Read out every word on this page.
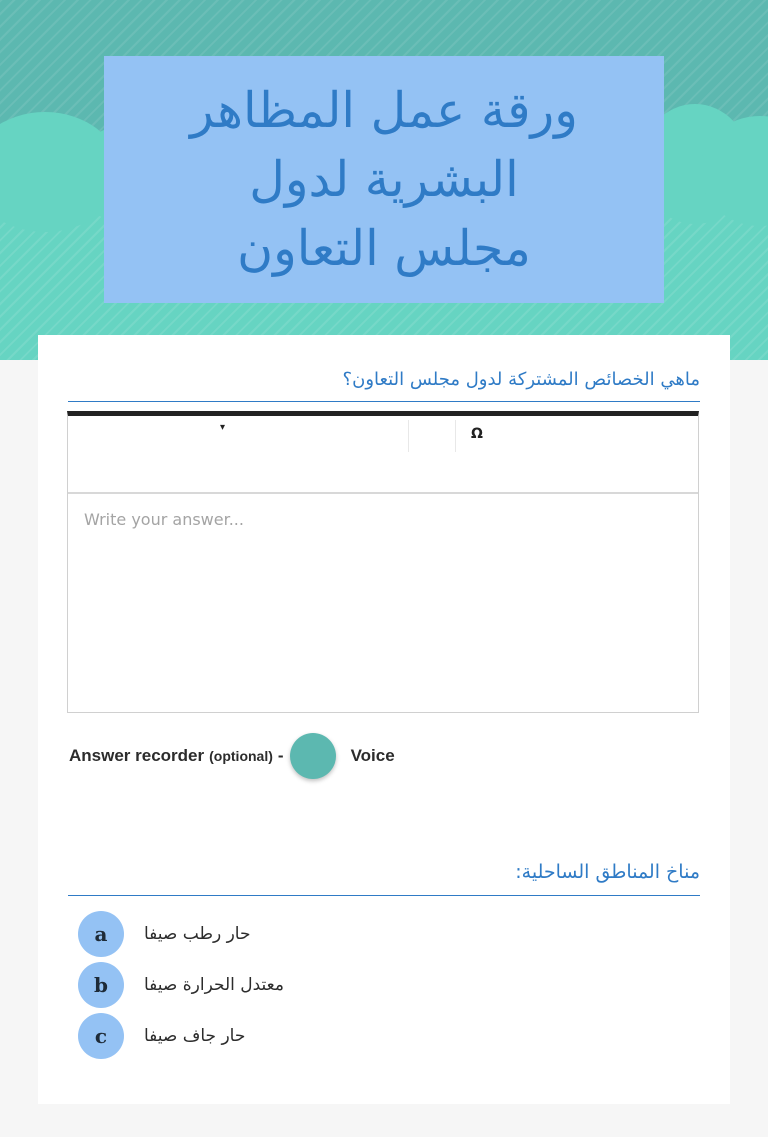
ورقة عمل المظاهر البشرية لدول مجلس التعاون
ماهي الخصائص المشتركة لدول مجلس التعاون؟
▾	Ω
Write your answer...
Answer recorder (optional) -	Voice
مناخ المناطق الساحلية:
a	حار رطب صيفا
b	معتدل الحرارة صيفا
c	حار جاف صيفا
